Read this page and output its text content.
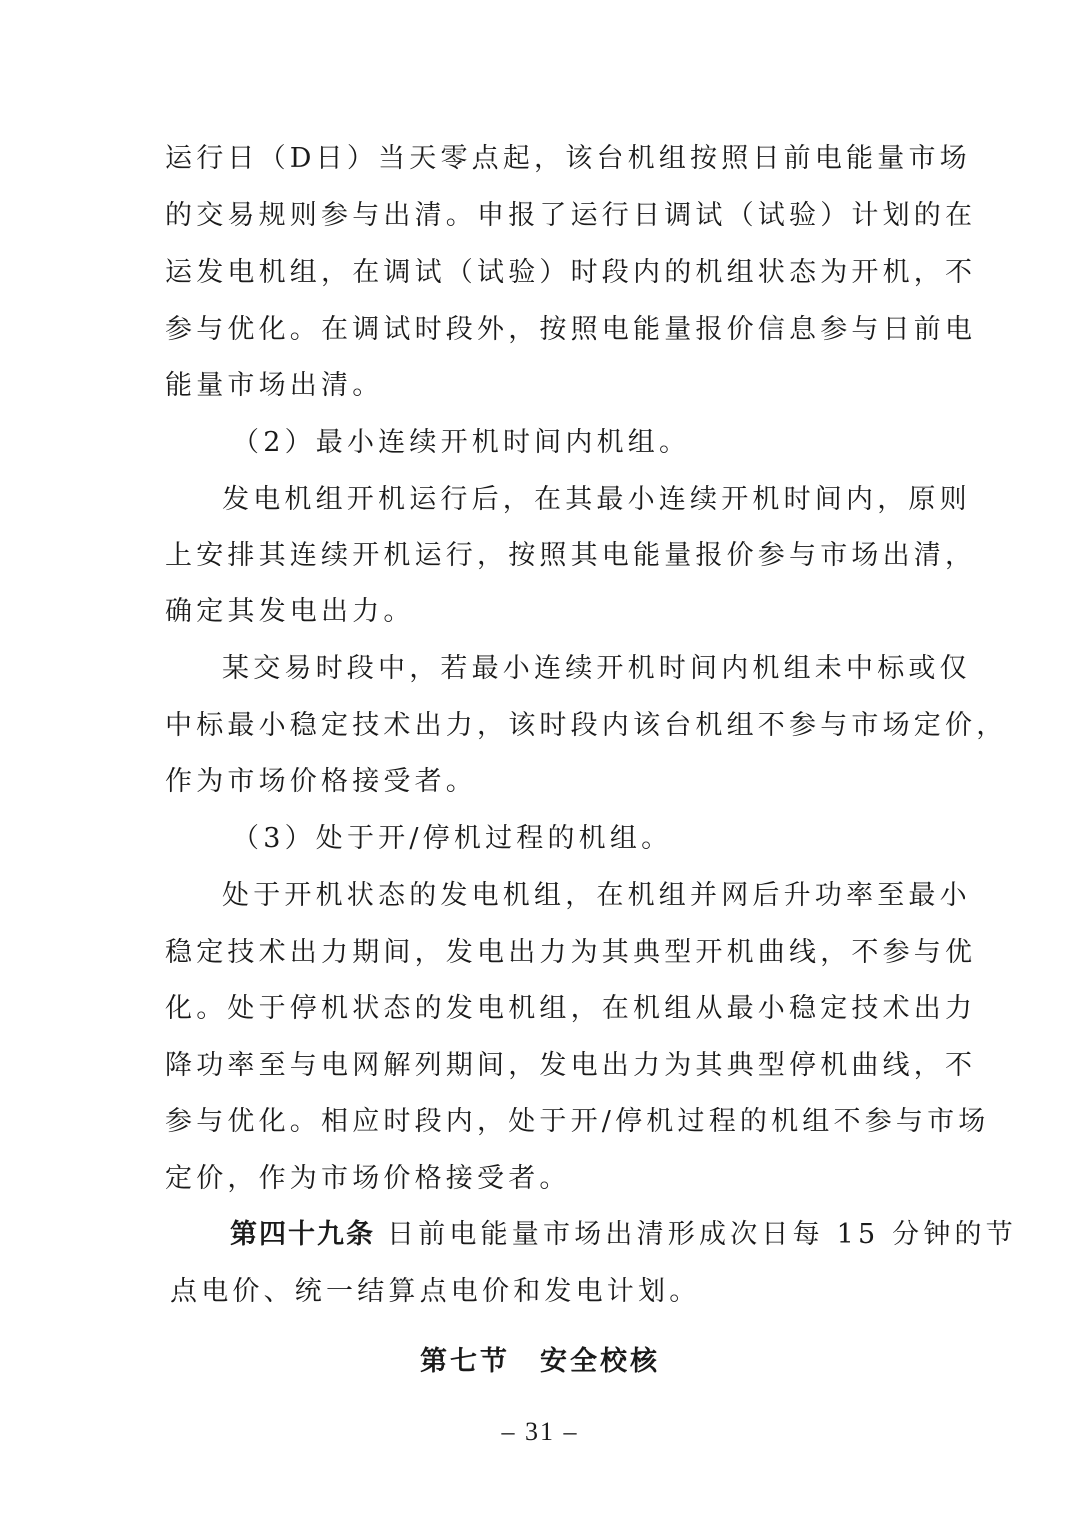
运行日（D日）当天零点起，该台机组按照日前电能量市场
的交易规则参与出清。申报了运行日调试（试验）计划的在
运发电机组，在调试（试验）时段内的机组状态为开机，不
参与优化。在调试时段外，按照电能量报价信息参与日前电
能量市场出清。
（2）最小连续开机时间内机组。
发电机组开机运行后，在其最小连续开机时间内，原则
上安排其连续开机运行，按照其电能量报价参与市场出清，
确定其发电出力。
某交易时段中，若最小连续开机时间内机组未中标或仅
中标最小稳定技术出力，该时段内该台机组不参与市场定价，
作为市场价格接受者。
（3）处于开/停机过程的机组。
处于开机状态的发电机组，在机组并网后升功率至最小
稳定技术出力期间，发电出力为其典型开机曲线，不参与优
化。处于停机状态的发电机组，在机组从最小稳定技术出力
降功率至与电网解列期间，发电出力为其典型停机曲线，不
参与优化。相应时段内，处于开/停机过程的机组不参与市场
定价，作为市场价格接受者。
第四十九条 日前电能量市场出清形成次日每 15 分钟的节
点电价、统一结算点电价和发电计划。
第七节　安全校核
– 31 –
